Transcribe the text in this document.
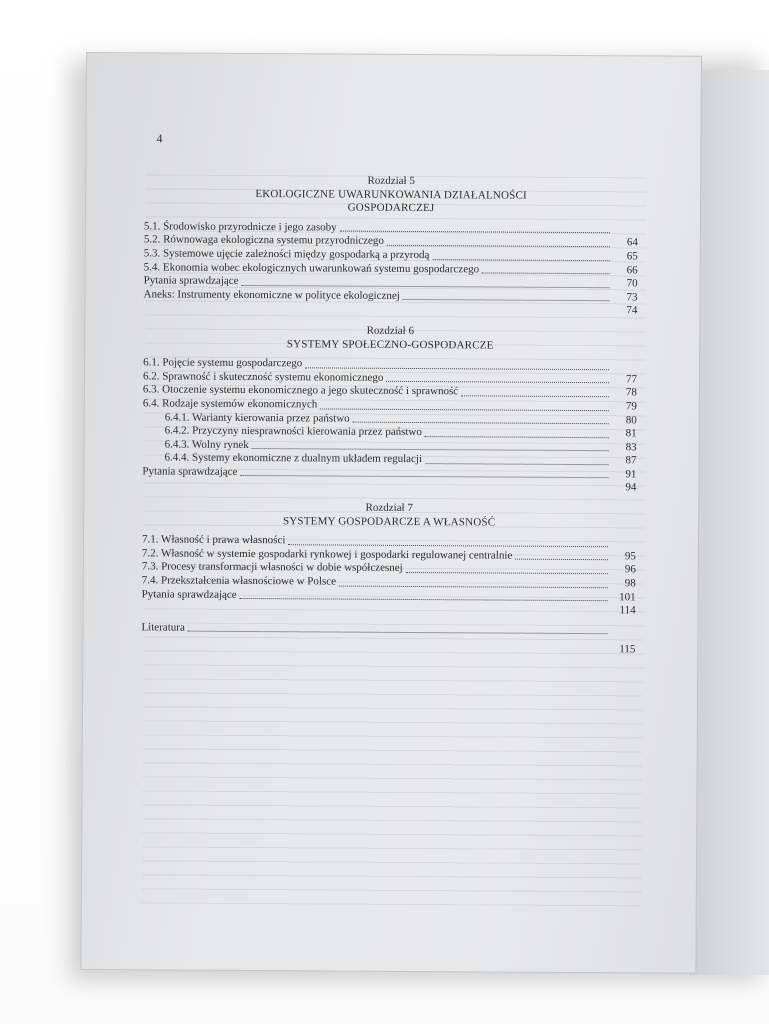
4
Rozdział 5
EKOLOGICZNE UWARUNKOWANIA DZIAŁALNOŚCI
GOSPODARCZEJ
5.1. Środowisko przyrodnicze i jego zasoby
5.2. Równowaga ekologiczna systemu przyrodniczego	64
5.3. Systemowe ujęcie zależności między gospodarką a przyrodą	65
5.4. Ekonomia wobec ekologicznych uwarunkowań systemu gospodarczego	66
Pytania sprawdzające	70
Aneks: Instrumenty ekonomiczne w polityce ekologicznej	73
74
Rozdział 6
SYSTEMY SPOŁECZNO-GOSPODARCZE
6.1. Pojęcie systemu gospodarczego
6.2. Sprawność i skuteczność systemu ekonomicznego	77
6.3. Otoczenie systemu ekonomicznego a jego skuteczność i sprawność	78
6.4. Rodzaje systemów ekonomicznych	79
6.4.1. Warianty kierowania przez państwo	80
6.4.2. Przyczyny niesprawności kierowania przez państwo	81
6.4.3. Wolny rynek	83
6.4.4. Systemy ekonomiczne z dualnym układem regulacji	87
Pytania sprawdzające	91
94
Rozdział 7
SYSTEMY GOSPODARCZE A WŁASNOŚĆ
7.1. Własność i prawa własności
7.2. Własność w systemie gospodarki rynkowej i gospodarki regulowanej centralnie	95
7.3. Procesy transformacji własności w dobie współczesnej	96
7.4. Przekształcenia własnościowe w Polsce	98
Pytania sprawdzające	101
114
Literatura
115
